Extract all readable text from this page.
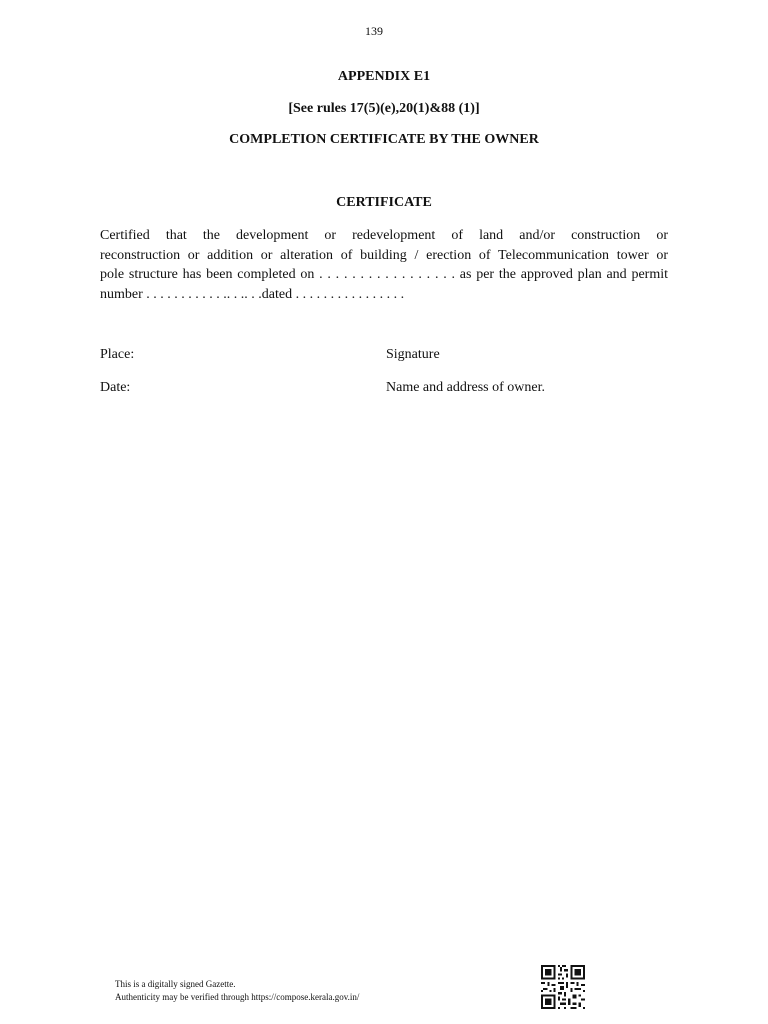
139
APPENDIX E1
[See rules 17(5)(e),20(1)&88 (1)]
COMPLETION CERTIFICATE BY THE OWNER
CERTIFICATE
Certified that the development or redevelopment of land and/or construction or
reconstruction or addition or alteration of building / erection of Telecommunication tower or
pole structure has been completed on . . . . . . . . . . . . . . . . . as per the approved plan and permit
number . . . . . . . . . . . .. . .. . .dated . . . . . . . . . . . . . . . .
Place:	Signature
Date:	Name and address of owner.
This is a digitally signed Gazette.
Authenticity may be verified through https://compose.kerala.gov.in/
